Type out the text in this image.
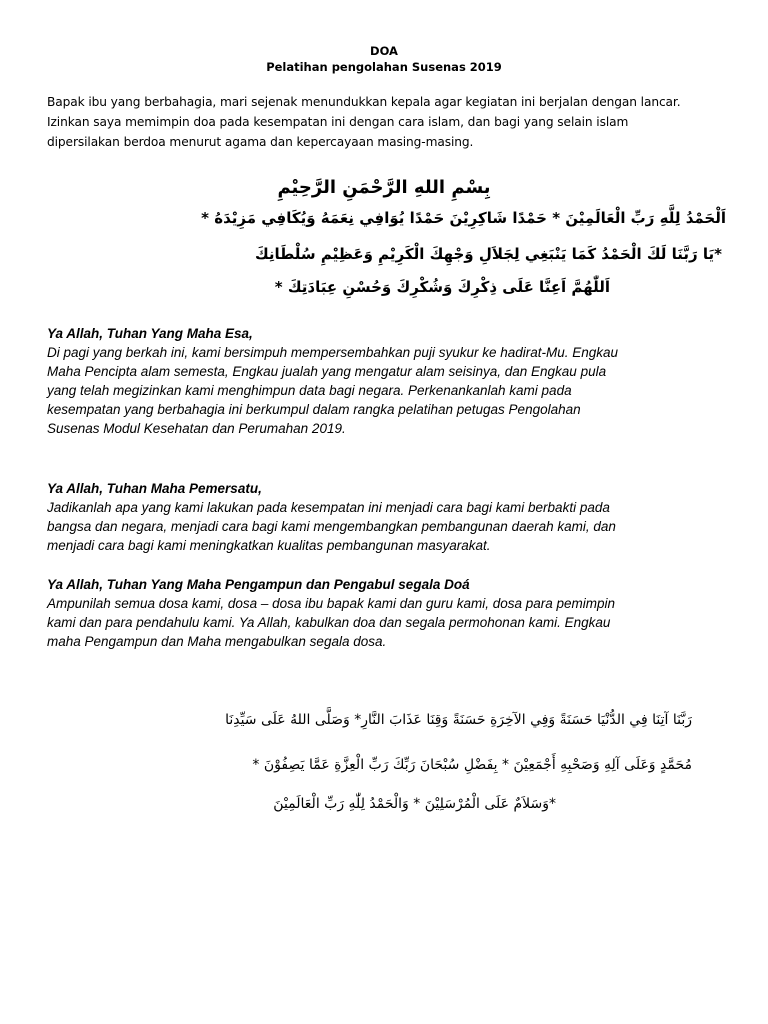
DOA
Pelatihan pengolahan Susenas 2019
Bapak ibu yang berbahagia, mari sejenak menundukkan kepala agar kegiatan ini berjalan dengan lancar.
Izinkan saya memimpin doa pada kesempatan ini dengan cara islam, dan bagi yang selain islam
dipersilakan berdoa menurut agama dan kepercayaan masing-masing.
بِسْمِ اللهِ الرَّحْمَنِ الرَّحِيْمِ
اَلْحَمْدُ لِلَّهِ رَبِّ الْعَالَمِيْنَ * حَمْدًا شَاكِرِيْنَ حَمْدًا يُوَافِي نِعَمَهُ وَيُكَافِي مَزِيْدَهُ *
*يَا رَبَّنَا لَكَ الْحَمْدُ كَمَا يَنْبَغِي لِجَلاَلِ وَجْهِكَ الْكَرِيْمِ وَعَظِيْمِ سُلْطَانِكَ
اَللّٰهُمَّ اَعِنَّا عَلَى ذِكْرِكَ وَشُكْرِكَ وَحُسْنِ عِبَادَتِكَ *
Ya Allah, Tuhan Yang Maha Esa,
Di pagi yang berkah ini, kami bersimpuh mempersembahkan puji syukur ke hadirat-Mu. Engkau
Maha Pencipta alam semesta, Engkau jualah yang mengatur alam seisinya, dan Engkau pula
yang telah megizinkan kami menghimpun data bagi negara. Perkenankanlah kami pada
kesempatan yang berbahagia ini berkumpul dalam rangka pelatihan petugas Pengolahan
Susenas Modul Kesehatan dan Perumahan 2019.
Ya Allah, Tuhan Maha Pemersatu,
Jadikanlah apa yang kami lakukan pada kesempatan ini menjadi cara bagi kami berbakti pada
bangsa dan negara, menjadi cara bagi kami mengembangkan pembangunan daerah kami, dan
menjadi cara bagi kami meningkatkan kualitas pembangunan masyarakat.
Ya Allah, Tuhan Yang Maha Pengampun dan Pengabul segala Doá
Ampunilah semua dosa kami, dosa – dosa ibu bapak kami dan guru kami, dosa para pemimpin
kami dan para pendahulu kami. Ya Allah, kabulkan doa dan segala permohonan kami. Engkau
maha Pengampun dan Maha mengabulkan segala dosa.
رَبَّنَا آتِنَا فِي الدُّنْيَا حَسَنَةً وَفِي الآخِرَةِ حَسَنَةً وَقِنَا عَذَابَ النَّارِ* وَصَلَّى اللهُ عَلَى سَيِّدِنَا
مُحَمَّدٍ وَعَلَى آلِهِ وَصَحْبِهِ أَجْمَعِيْنَ * بِفَضْلِ سُبْحَانَ رَبِّكَ رَبِّ الْعِزَّةِ عَمَّا يَصِفُوْنَ *
*وَسَلاَمٌ عَلَى الْمُرْسَلِيْنَ * وَالْحَمْدُ لِلّٰهِ رَبِّ الْعَالَمِيْنَ
